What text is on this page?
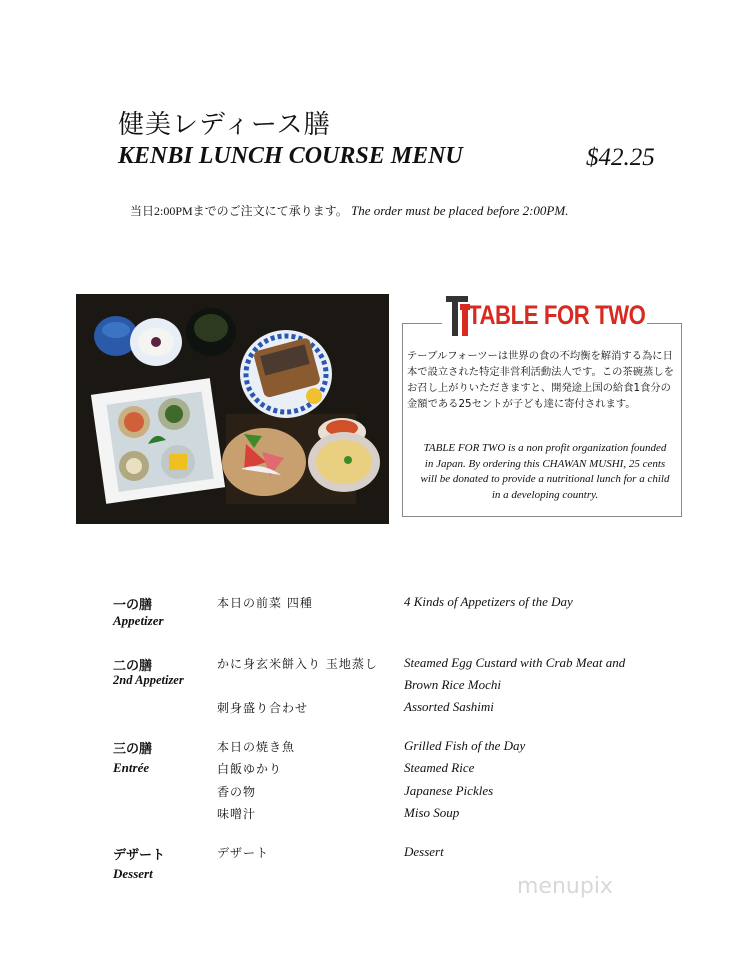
健美レディース膳
KENBI LUNCH COURSE MENU	$42.25
当日2:00PMまでのご注文にて承ります。 The order must be placed before 2:00PM.
TABLE FOR TWO
テーブルフォーツーは世界の食の不均衡を解消する為に日本で設立された特定非営利活動法人です。この茶碗蒸しをお召し上がりいただきますと、開発途上国の給食1食分の金額である25セントが子ども達に寄付されます。
TABLE FOR TWO is a non profit organization founded in Japan. By ordering this CHAWAN MUSHI, 25 cents will be donated to provide a nutritional lunch for a child in a developing country.
一の膳
Appetizer
本日の前菜 四種	4 Kinds of Appetizers of the Day
二の膳
2nd Appetizer
かに身玄米餅入り 玉地蒸し Steamed Egg Custard with Crab Meat and
Brown Rice Mochi
刺身盛り合わせ	Assorted Sashimi
三の膳
Entrée
本日の焼き魚	Grilled Fish of the Day
白飯ゆかり	Steamed Rice
香の物	Japanese Pickles
味噌汁	Miso Soup
デザート
Dessert
デザート	Dessert
menupix
